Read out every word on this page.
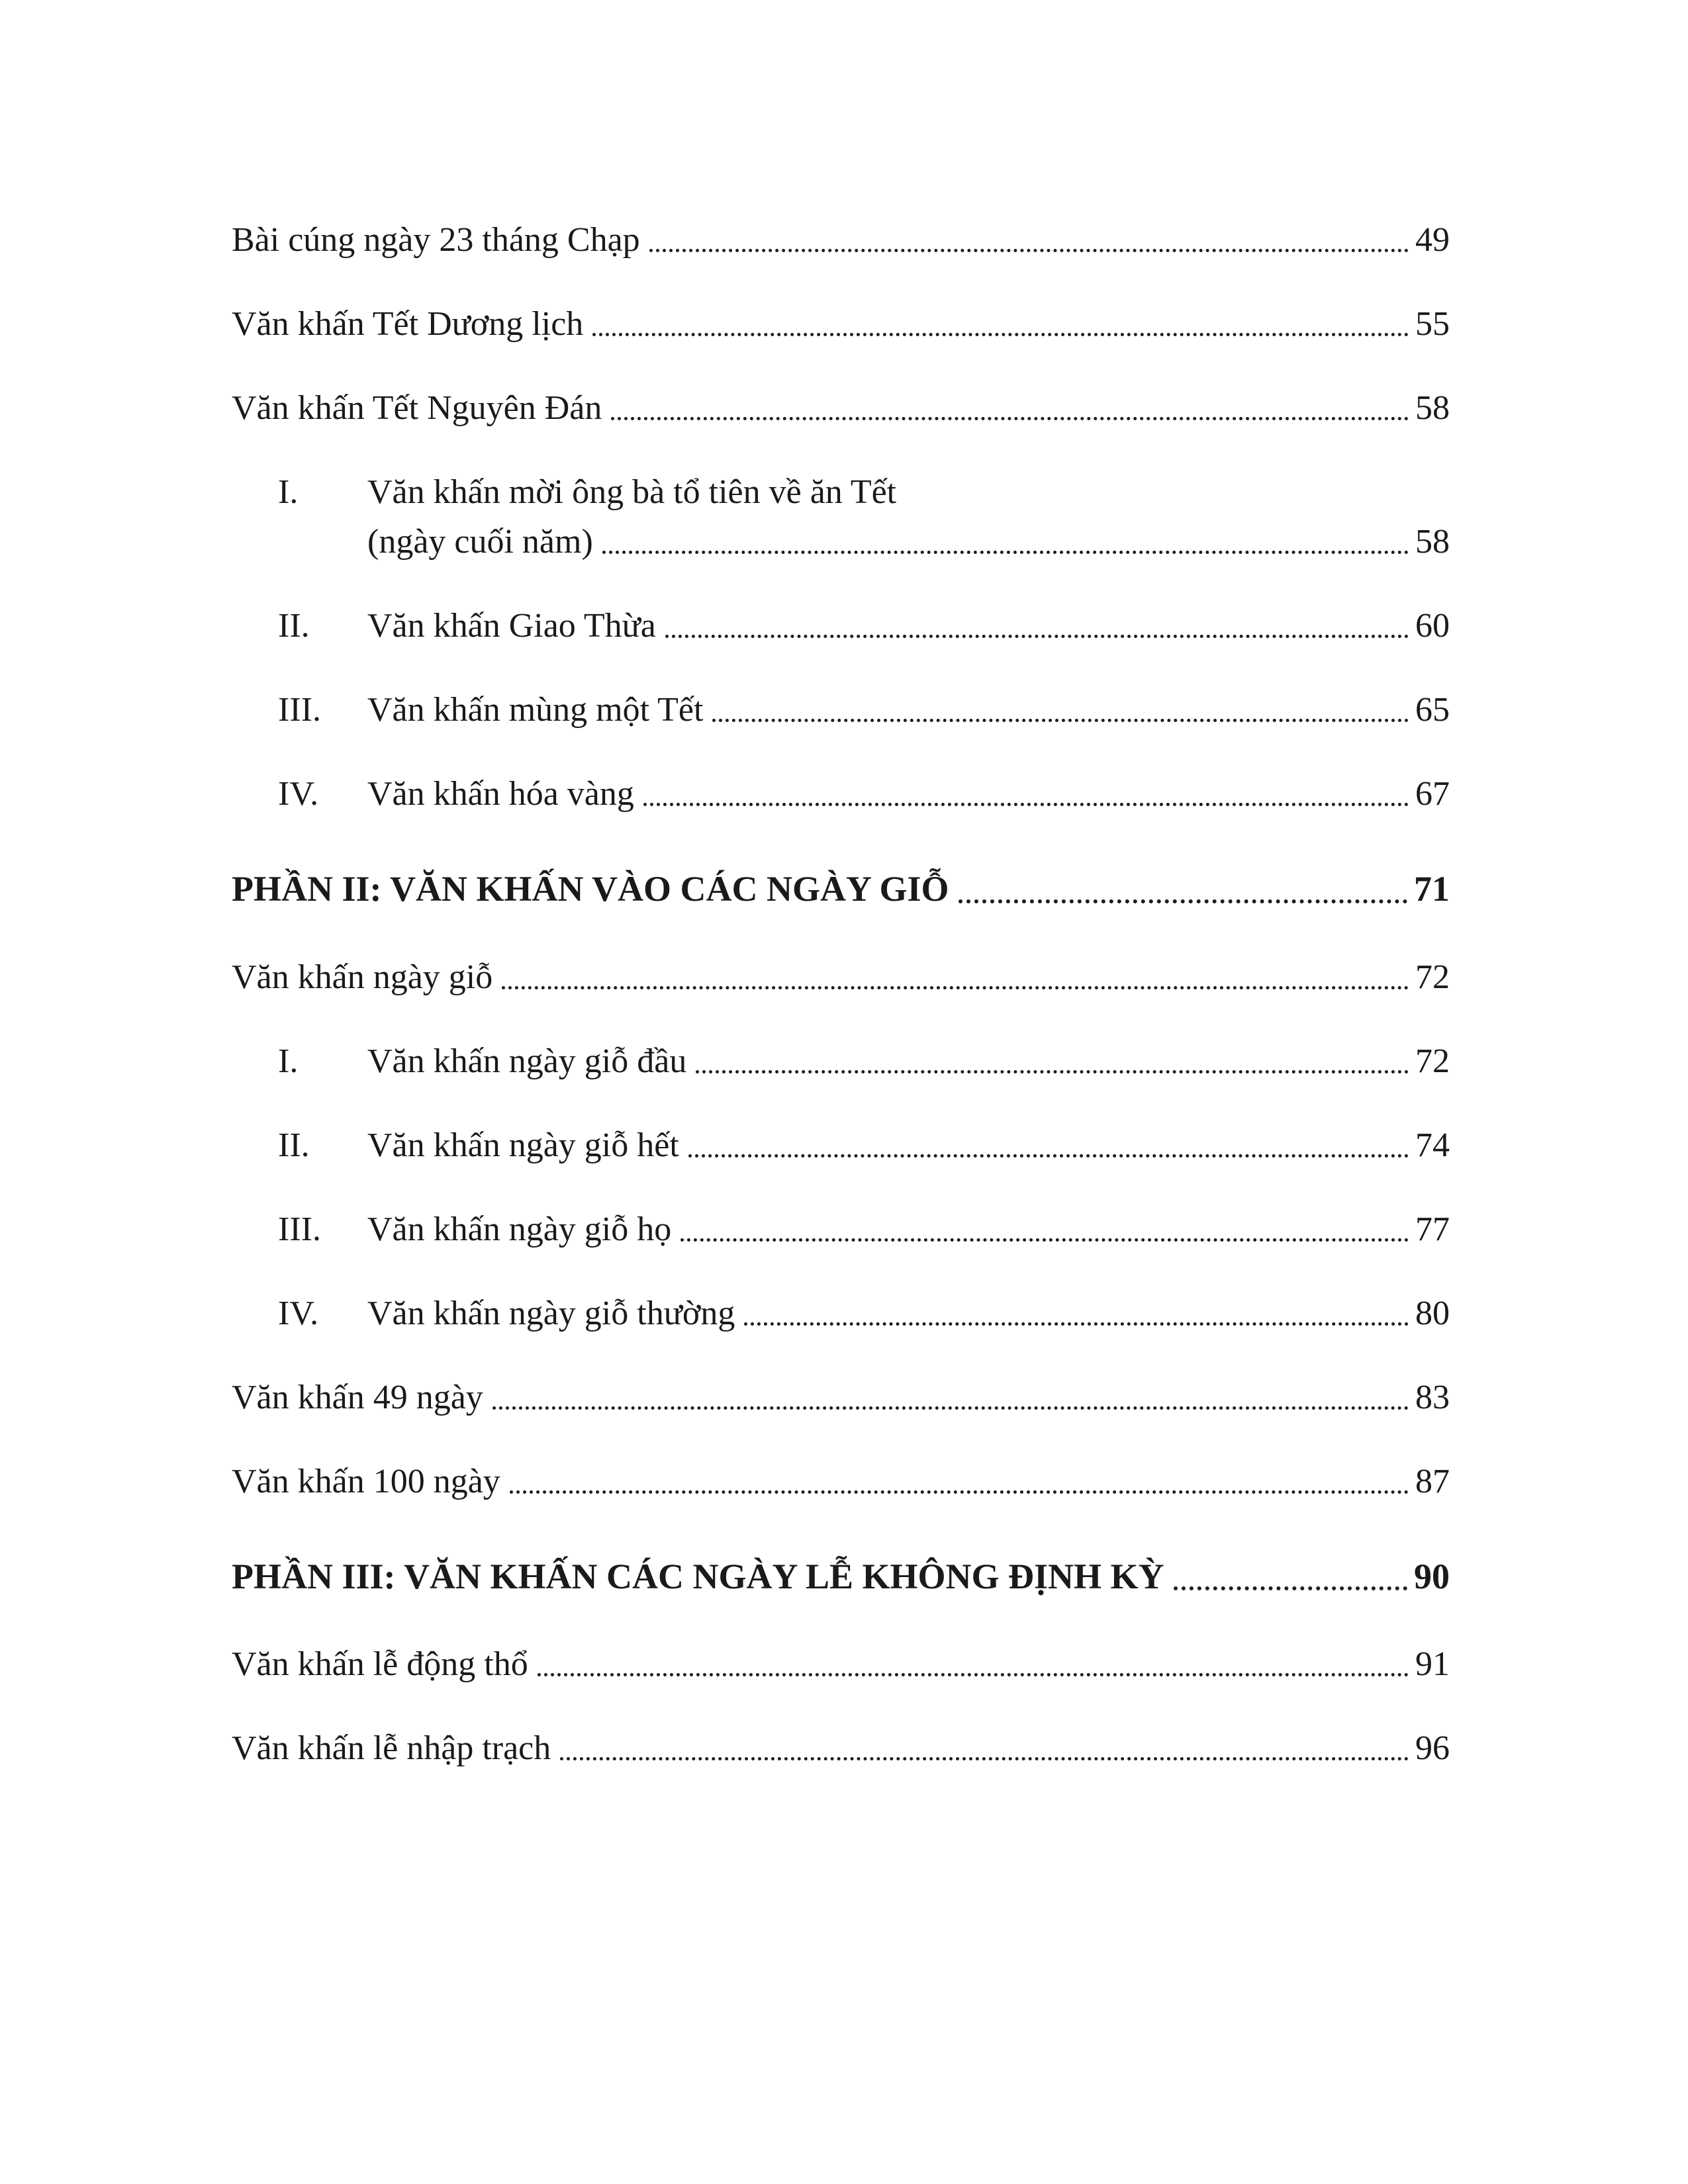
Bài cúng ngày 23 tháng Chạp	49
Văn khấn Tết Dương lịch	55
Văn khấn Tết Nguyên Đán	58
I.	Văn khấn mời ông bà tổ tiên về ăn Tết
(ngày cuối năm)	58
II.	Văn khấn Giao Thừa	60
III.	Văn khấn mùng một Tết	65
IV.	Văn khấn hóa vàng	67
PHẦN II: VĂN KHẤN VÀO CÁC NGÀY GIỖ	71
Văn khấn ngày giỗ	72
I.	Văn khấn ngày giỗ đầu	72
II.	Văn khấn ngày giỗ hết	74
III.	Văn khấn ngày giỗ họ	77
IV.	Văn khấn ngày giỗ thường	80
Văn khấn 49 ngày	83
Văn khấn 100 ngày	87
PHẦN III: VĂN KHẤN CÁC NGÀY LỄ KHÔNG ĐỊNH KỲ	90
Văn khấn lễ động thổ	91
Văn khấn lễ nhập trạch	96
